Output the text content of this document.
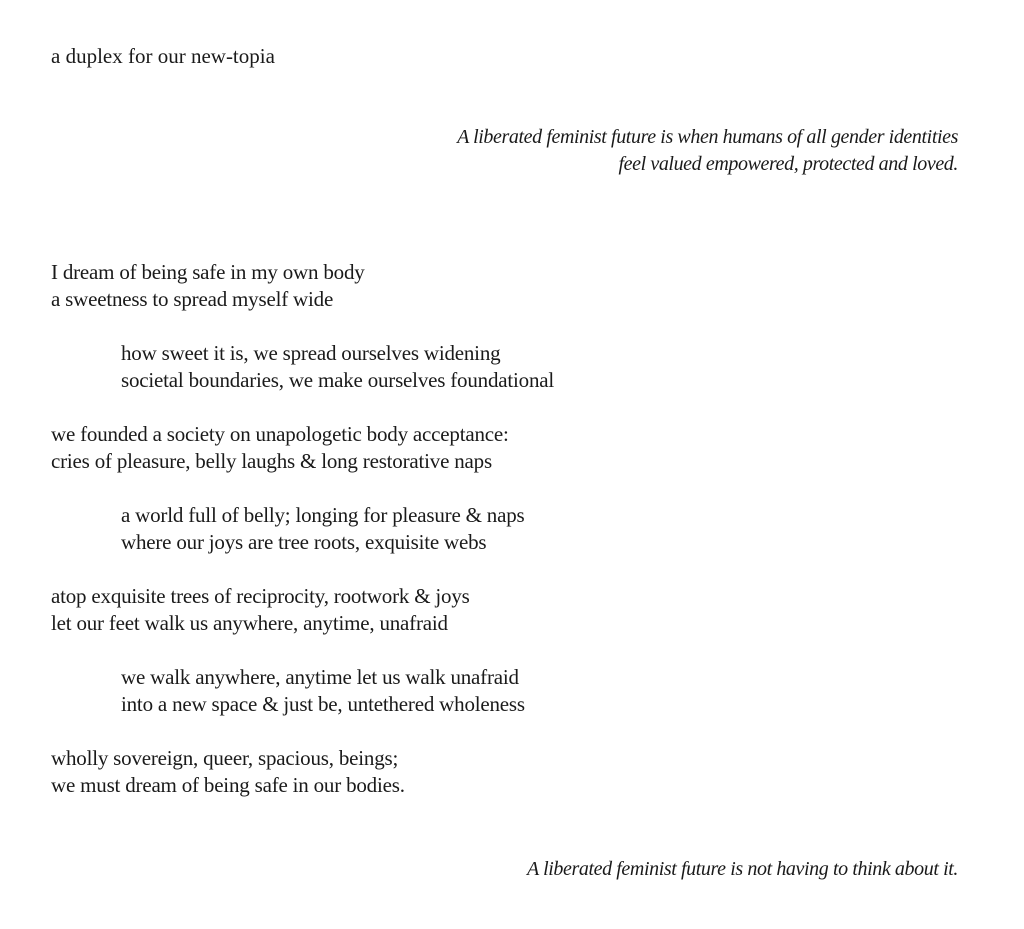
a duplex for our new-topia
A liberated feminist future is when humans of all gender identities
feel valued empowered, protected and loved.
I dream of being safe in my own body
a sweetness to spread myself wide
how sweet it is, we spread ourselves widening
societal boundaries, we make ourselves foundational
we founded a society on unapologetic body acceptance:
cries of pleasure, belly laughs & long restorative naps
a world full of belly; longing for pleasure & naps
where our joys are tree roots, exquisite webs
atop exquisite trees of reciprocity, rootwork & joys
let our feet walk us anywhere, anytime, unafraid
we walk anywhere, anytime let us walk unafraid
into a new space & just be, untethered wholeness
wholly sovereign, queer, spacious, beings;
we must dream of being safe in our bodies.
A liberated feminist future is not having to think about it.
